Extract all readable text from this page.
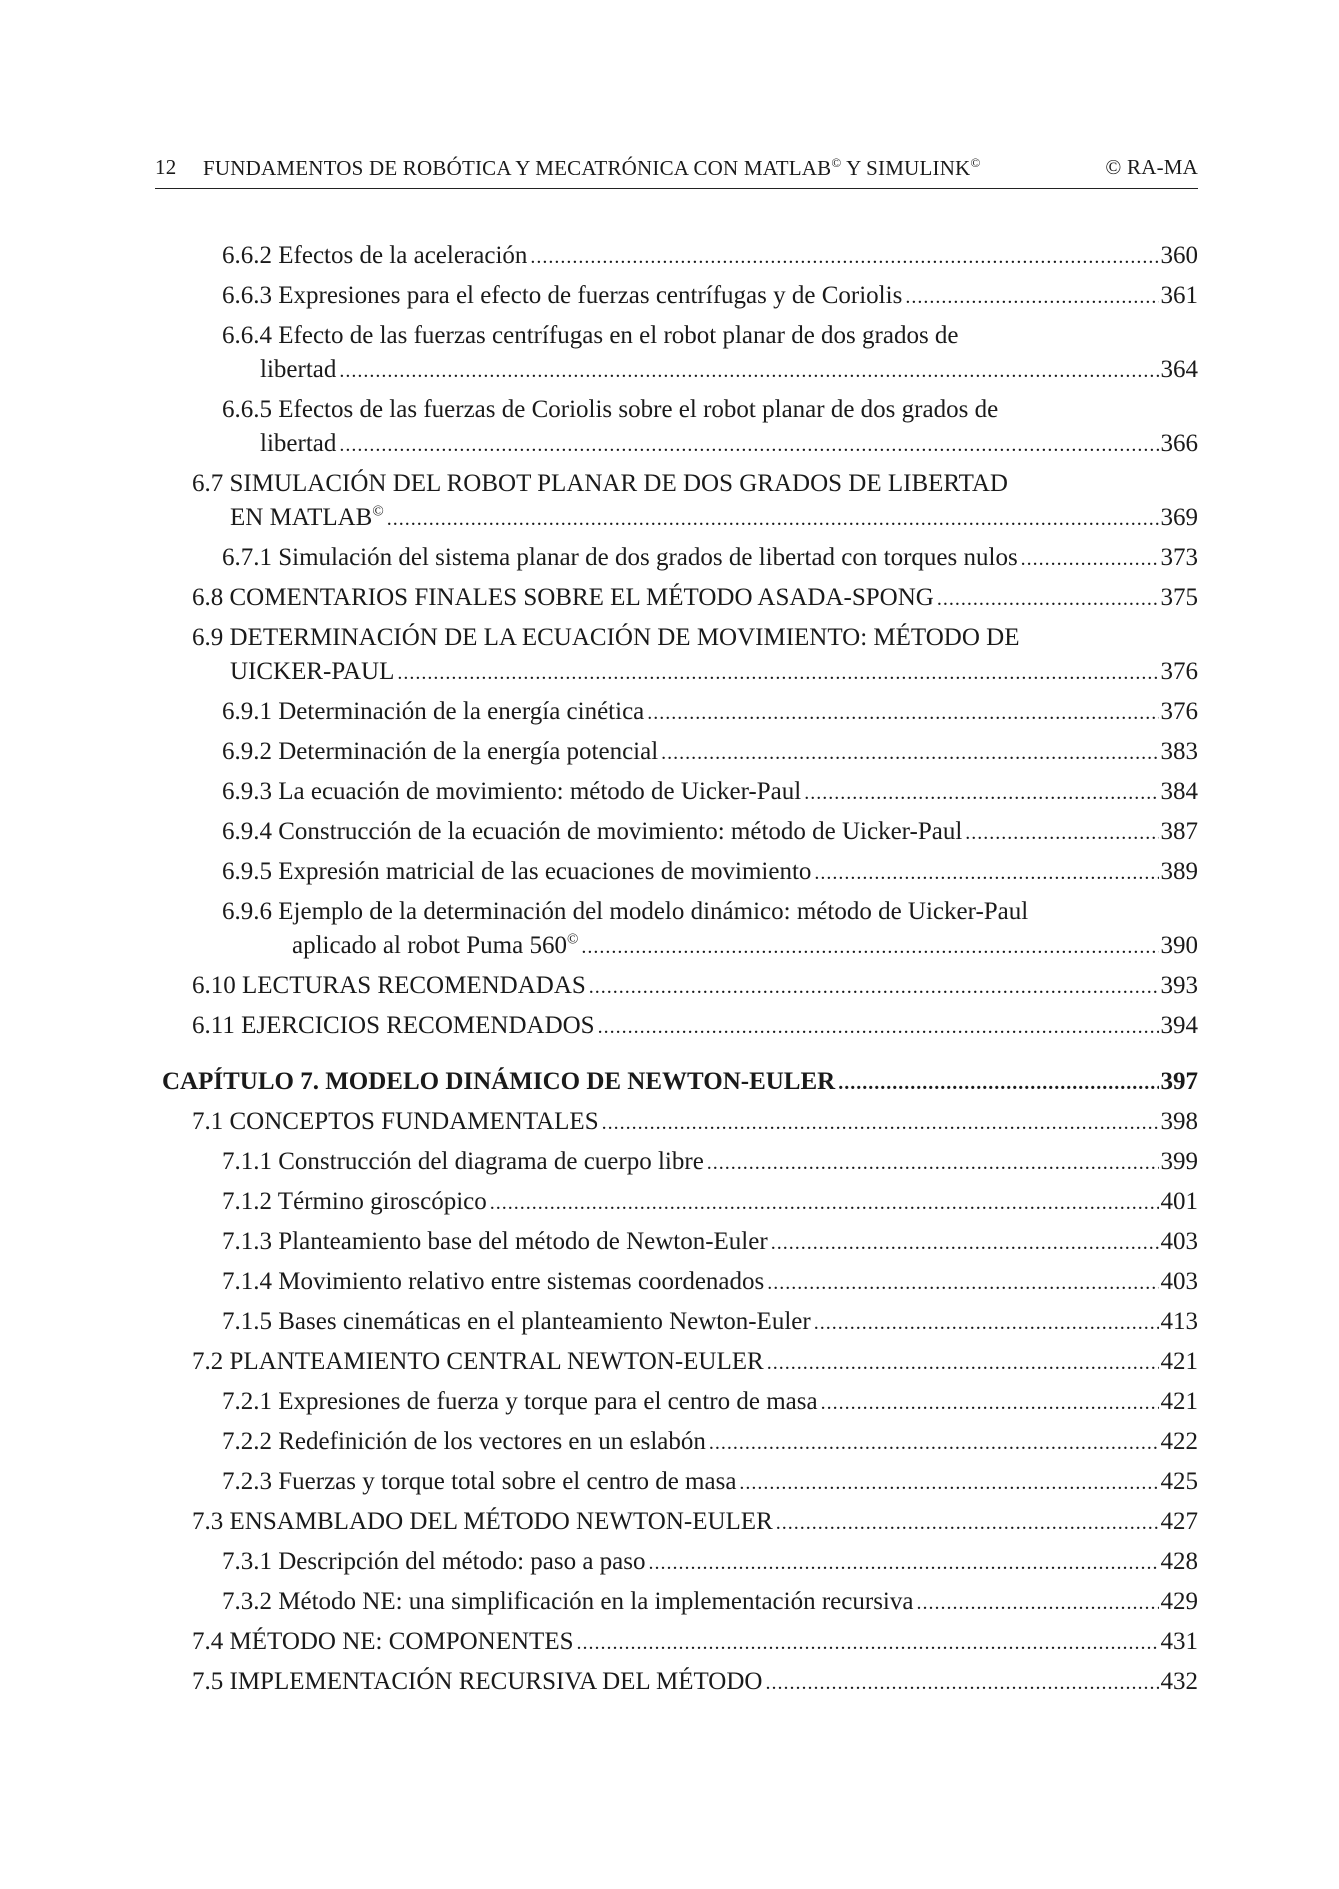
12 FUNDAMENTOS DE ROBÓTICA Y MECATRÓNICA CON MATLAB© Y SIMULINK©	© RA-MA
6.6.2 Efectos de la aceleración .....	360
6.6.3 Expresiones para el efecto de fuerzas centrífugas y de Coriolis .....	361
6.6.4 Efecto de las fuerzas centrífugas en el robot planar de dos grados de
libertad .....	364
6.6.5 Efectos de las fuerzas de Coriolis sobre el robot planar de dos grados de
libertad .....	366
6.7 SIMULACIÓN DEL ROBOT PLANAR DE DOS GRADOS DE LIBERTAD
EN MATLAB© .....	369
6.7.1 Simulación del sistema planar de dos grados de libertad con torques nulos .....	373
6.8 COMENTARIOS FINALES SOBRE EL MÉTODO ASADA-SPONG .....	375
6.9 DETERMINACIÓN DE LA ECUACIÓN DE MOVIMIENTO: MÉTODO DE
UICKER-PAUL .....	376
6.9.1 Determinación de la energía cinética .....	376
6.9.2 Determinación de la energía potencial .....	383
6.9.3 La ecuación de movimiento: método de Uicker-Paul .....	384
6.9.4 Construcción de la ecuación de movimiento: método de Uicker-Paul .....	387
6.9.5 Expresión matricial de las ecuaciones de movimiento .....	389
6.9.6 Ejemplo de la determinación del modelo dinámico: método de Uicker-Paul
aplicado al robot Puma 560© .....	390
6.10 LECTURAS RECOMENDADAS .....	393
6.11 EJERCICIOS RECOMENDADOS .....	394
CAPÍTULO 7. MODELO DINÁMICO DE NEWTON-EULER .....	397
7.1 CONCEPTOS FUNDAMENTALES .....	398
7.1.1 Construcción del diagrama de cuerpo libre .....	399
7.1.2 Término giroscópico .....	401
7.1.3 Planteamiento base del método de Newton-Euler .....	403
7.1.4 Movimiento relativo entre sistemas coordenados .....	403
7.1.5 Bases cinemáticas en el planteamiento Newton-Euler .....	413
7.2 PLANTEAMIENTO CENTRAL NEWTON-EULER .....	421
7.2.1 Expresiones de fuerza y torque para el centro de masa .....	421
7.2.2 Redefinición de los vectores en un eslabón .....	422
7.2.3 Fuerzas y torque total sobre el centro de masa .....	425
7.3 ENSAMBLADO DEL MÉTODO NEWTON-EULER .....	427
7.3.1 Descripción del método: paso a paso .....	428
7.3.2 Método NE: una simplificación en la implementación recursiva .....	429
7.4 MÉTODO NE: COMPONENTES .....	431
7.5 IMPLEMENTACIÓN RECURSIVA DEL MÉTODO .....	432
